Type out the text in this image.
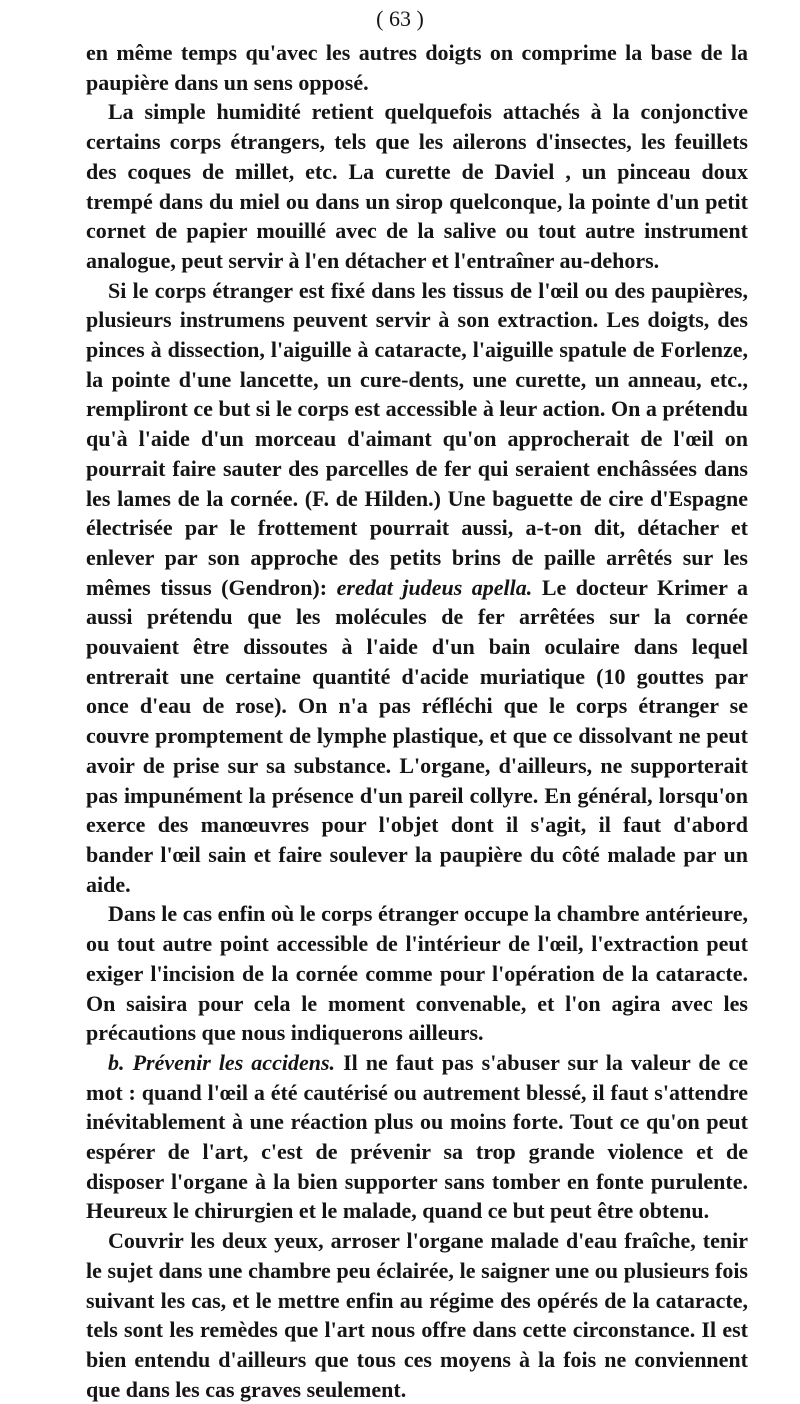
( 63 )

en même temps qu'avec les autres doigts on comprime la base de la paupière dans un sens opposé.

La simple humidité retient quelquefois attachés à la conjonctive certains corps étrangers, tels que les ailerons d'insectes, les feuillets des coques de millet, etc. La curette de Daviel , un pinceau doux trempé dans du miel ou dans un sirop quelconque, la pointe d'un petit cornet de papier mouillé avec de la salive ou tout autre instrument analogue, peut servir à l'en détacher et l'entraîner au-dehors.

Si le corps étranger est fixé dans les tissus de l'œil ou des paupières, plusieurs instrumens peuvent servir à son extraction. Les doigts, des pinces à dissection, l'aiguille à cataracte, l'aiguille spatule de Forlenze, la pointe d'une lancette, un cure-dents, une curette, un anneau, etc., rempliront ce but si le corps est accessible à leur action. On a prétendu qu'à l'aide d'un morceau d'aimant qu'on approcherait de l'œil on pourrait faire sauter des parcelles de fer qui seraient enchâssées dans les lames de la cornée. (F. de Hilden.) Une baguette de cire d'Espagne électrisée par le frottement pourrait aussi, a-t-on dit, détacher et enlever par son approche des petits brins de paille arrêtés sur les mêmes tissus (Gendron): eredat judeus apella. Le docteur Krimer a aussi prétendu que les molécules de fer arrêtées sur la cornée pouvaient être dissoutes à l'aide d'un bain oculaire dans lequel entrerait une certaine quantité d'acide muriatique (10 gouttes par once d'eau de rose). On n'a pas réfléchi que le corps étranger se couvre promptement de lymphe plastique, et que ce dissolvant ne peut avoir de prise sur sa substance. L'organe, d'ailleurs, ne supporterait pas impunément la présence d'un pareil collyre. En général, lorsqu'on exerce des manœuvres pour l'objet dont il s'agit, il faut d'abord bander l'œil sain et faire soulever la paupière du côté malade par un aide.

Dans le cas enfin où le corps étranger occupe la chambre antérieure, ou tout autre point accessible de l'intérieur de l'œil, l'extraction peut exiger l'incision de la cornée comme pour l'opération de la cataracte. On saisira pour cela le moment convenable, et l'on agira avec les précautions que nous indiquerons ailleurs.

b. Prévenir les accidens. Il ne faut pas s'abuser sur la valeur de ce mot : quand l'œil a été cautérisé ou autrement blessé, il faut s'attendre inévitablement à une réaction plus ou moins forte. Tout ce qu'on peut espérer de l'art, c'est de prévenir sa trop grande violence et de disposer l'organe à la bien supporter sans tomber en fonte purulente. Heureux le chirurgien et le malade, quand ce but peut être obtenu.

Couvrir les deux yeux, arroser l'organe malade d'eau fraîche, tenir le sujet dans une chambre peu éclairée, le saigner une ou plusieurs fois suivant les cas, et le mettre enfin au régime des opérés de la cataracte, tels sont les remèdes que l'art nous offre dans cette circonstance. Il est bien entendu d'ailleurs que tous ces moyens à la fois ne conviennent que dans les cas graves seulement.
